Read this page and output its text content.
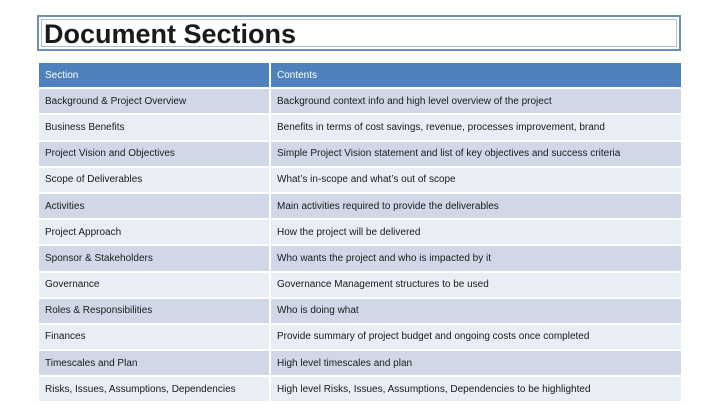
Document Sections
Section	Contents
Background & Project Overview	Background context info and high level overview of the project
Business Benefits	Benefits in terms of cost savings, revenue, processes improvement, brand
Project Vision and Objectives	Simple Project Vision statement and list of key objectives and success criteria
Scope of Deliverables	What’s in-scope and what’s out of scope
Activities	Main activities required to provide the deliverables
Project Approach	How the project will be delivered
Sponsor & Stakeholders	Who wants the project and who is impacted by it
Governance	Governance Management structures to be used
Roles & Responsibilities	Who is doing what
Finances	Provide summary of project budget and ongoing costs once completed
Timescales and Plan	High level timescales and plan
Risks, Issues, Assumptions, Dependencies	High level Risks, Issues, Assumptions, Dependencies to be highlighted
